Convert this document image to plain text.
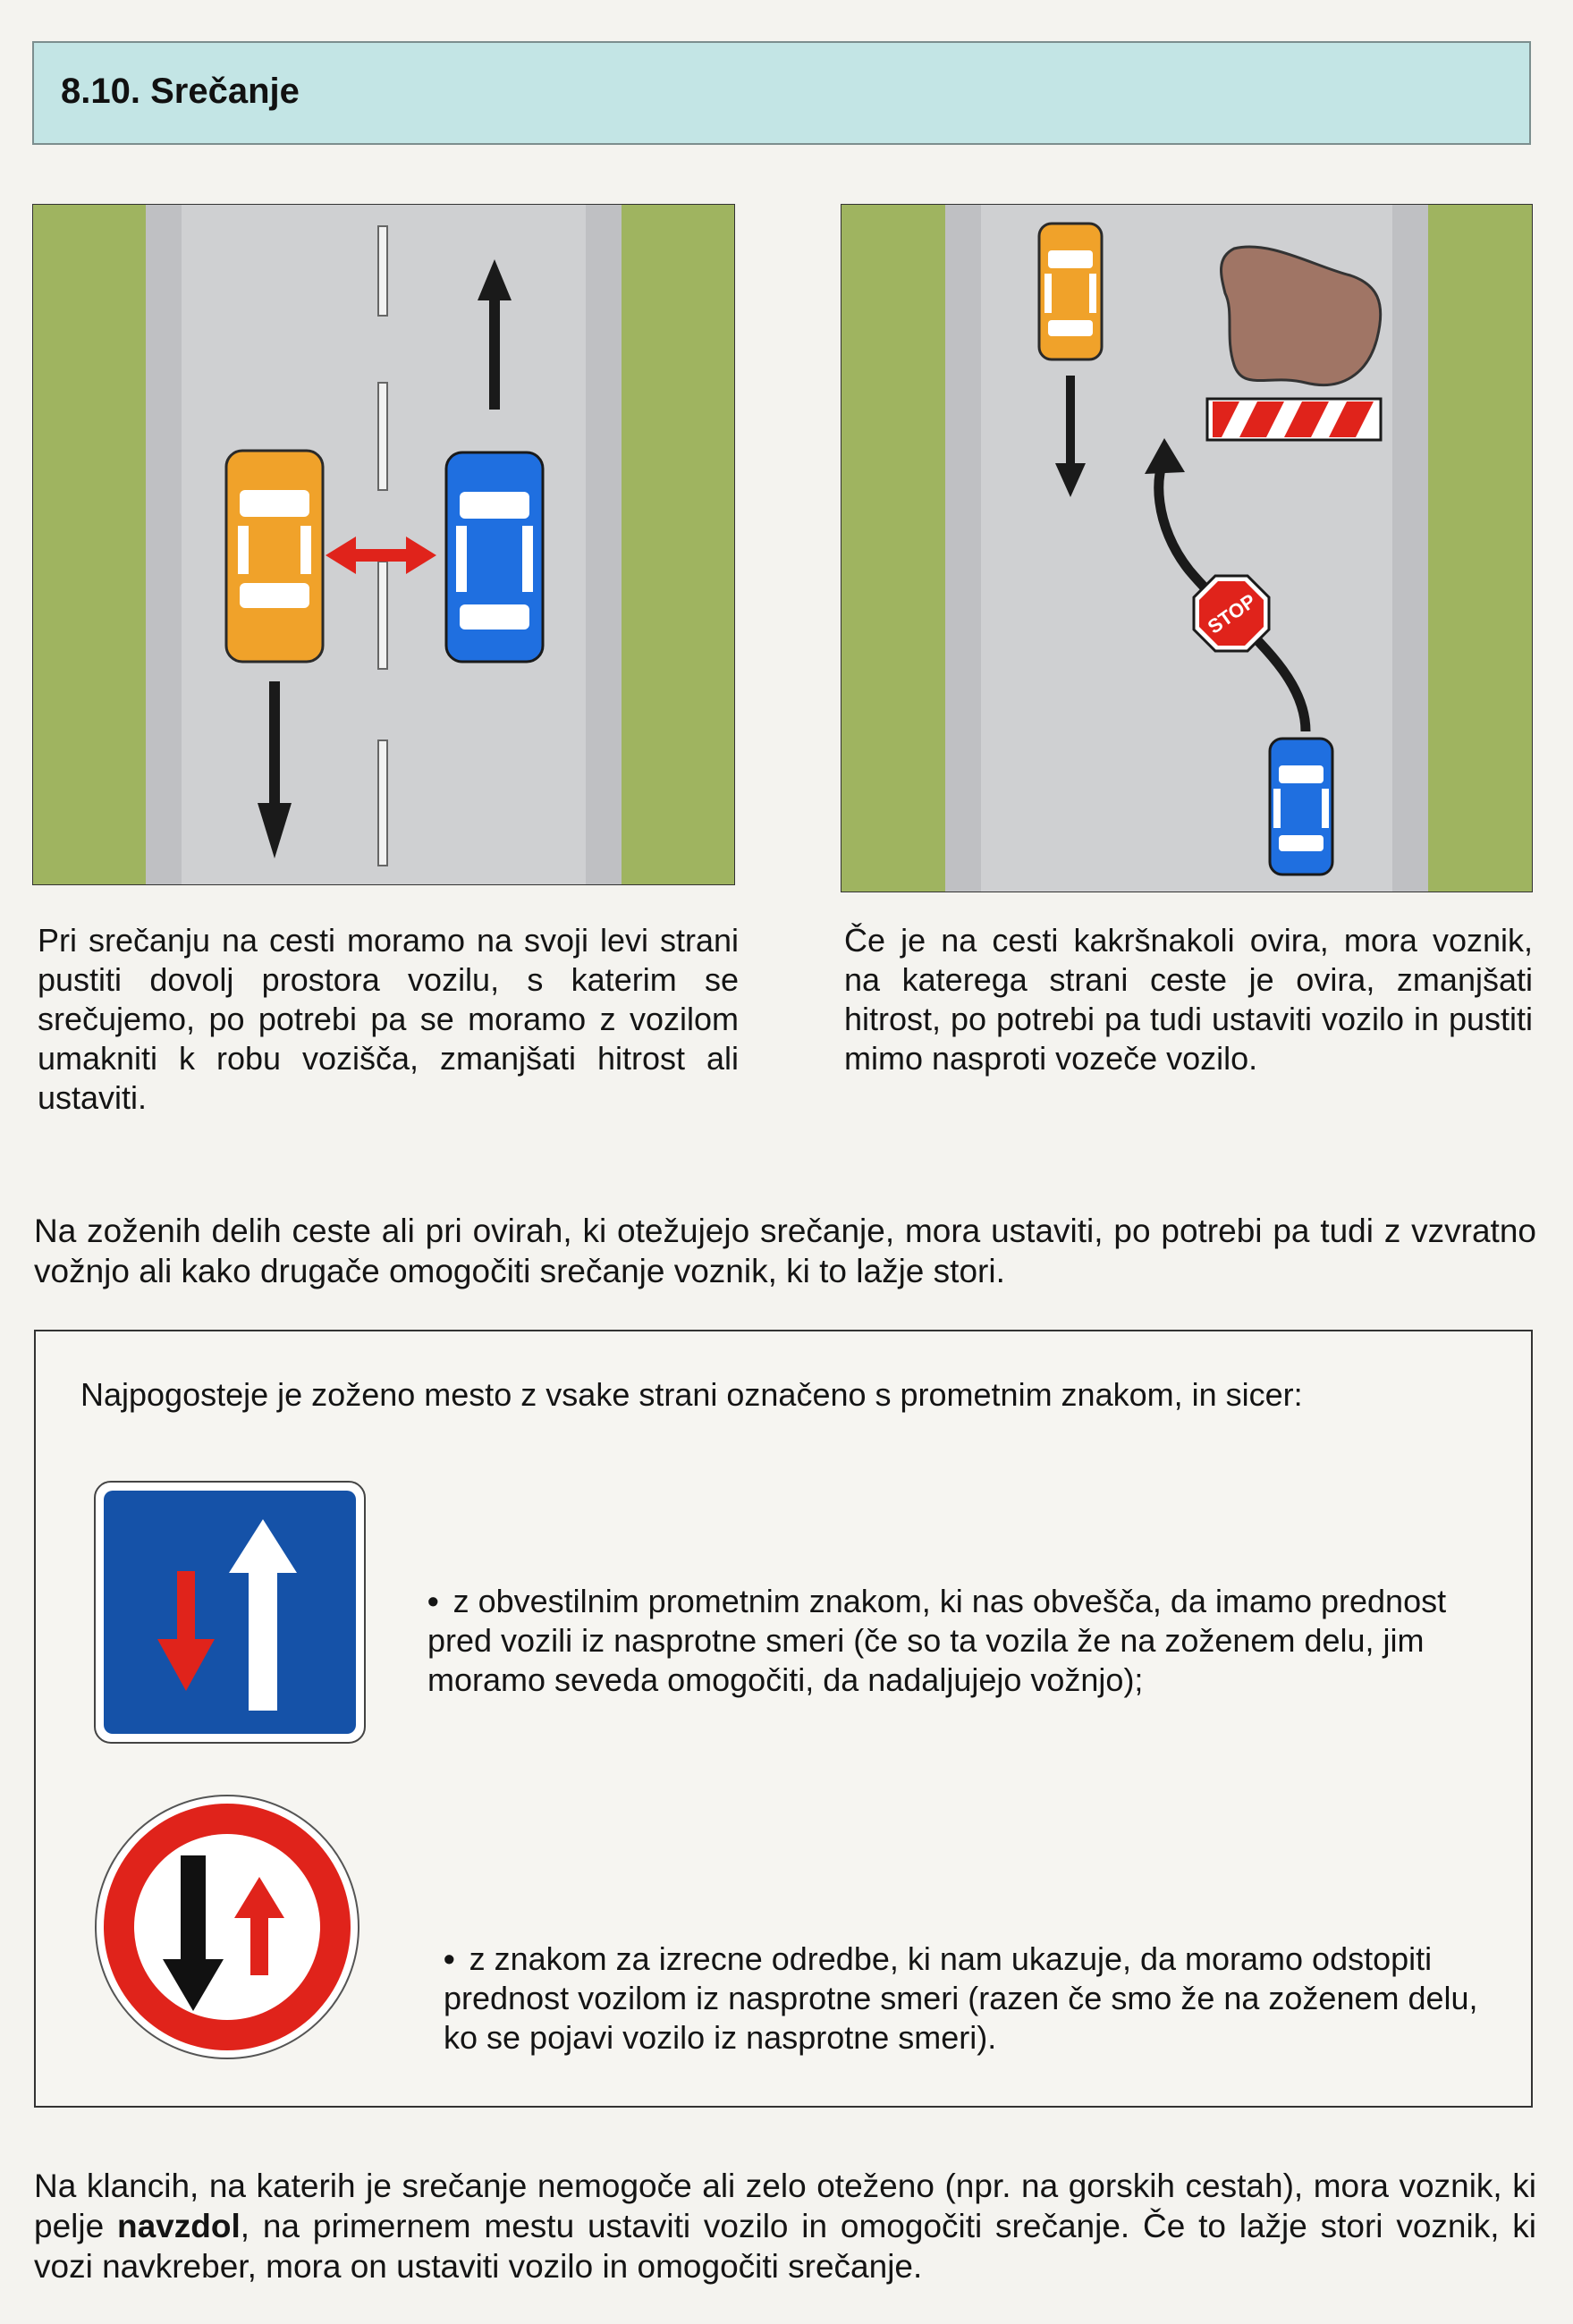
8.10. Srečanje
STOP

Pri srečanju na cesti moramo na svoji levi strani pustiti dovolj prostora vozilu, s katerim se srečujemo, po potrebi pa se moramo z vozilom umakniti k robu vozišča, zmanjšati hitrost ali ustaviti.

Če je na cesti kakršnakoli ovira, mora voznik, na katerega strani ceste je ovira, zmanjšati hitrost, po potrebi pa tudi ustaviti vozilo in pustiti mimo nasproti vozeče vozilo.

Na zoženih delih ceste ali pri ovirah, ki otežujejo srečanje, mora ustaviti, po potrebi pa tudi z vzvratno vožnjo ali kako drugače omogočiti srečanje voznik, ki to lažje stori.

Najpogosteje je zoženo mesto z vsake strani označeno s prometnim znakom, in sicer:

• z obvestilnim prometnim znakom, ki nas obvešča, da imamo prednost pred vozili iz nasprotne smeri (če so ta vozila že na zoženem delu, jim moramo seveda omogočiti, da nadaljujejo vožnjo);

• z znakom za izrecne odredbe, ki nam ukazuje, da moramo odstopiti prednost vozilom iz nasprotne smeri (razen če smo že na zoženem delu, ko se pojavi vozilo iz nasprotne smeri).

Na klancih, na katerih je srečanje nemogoče ali zelo oteženo (npr. na gorskih cestah), mora voznik, ki pelje navzdol, na primernem mestu ustaviti vozilo in omogočiti srečanje. Če to lažje stori voznik, ki vozi navkreber, mora on ustaviti vozilo in omogočiti srečanje.
